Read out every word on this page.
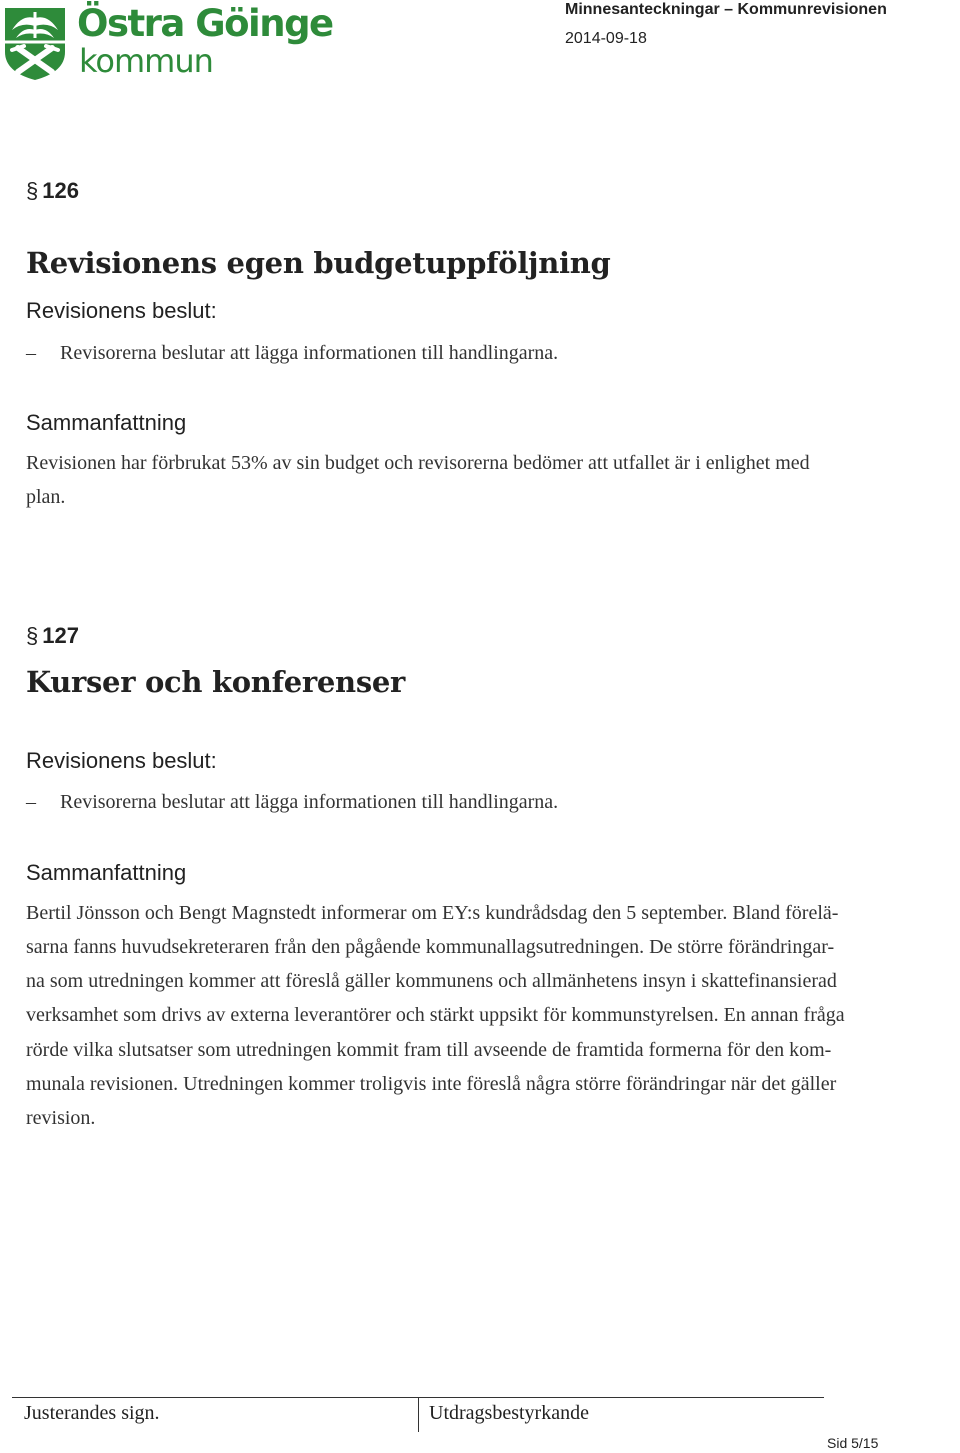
Östra Göinge
kommun
Minnesanteckningar – Kommunrevisionen
2014-09-18
§ 126
Revisionens egen budgetuppföljning
Revisionens beslut:
– Revisorerna beslutar att lägga informationen till handlingarna.
Sammanfattning
Revisionen har förbrukat 53% av sin budget och revisorerna bedömer att utfallet är i enlighet med
plan.
§ 127
Kurser och konferenser
Revisionens beslut:
– Revisorerna beslutar att lägga informationen till handlingarna.
Sammanfattning
Bertil Jönsson och Bengt Magnstedt informerar om EY:s kundrådsdag den 5 september. Bland förelä-
sarna fanns huvudsekreteraren från den pågående kommunallagsutredningen. De större förändringar-
na som utredningen kommer att föreslå gäller kommunens och allmänhetens insyn i skattefinansierad
verksamhet som drivs av externa leverantörer och stärkt uppsikt för kommunstyrelsen. En annan fråga
rörde vilka slutsatser som utredningen kommit fram till avseende de framtida formerna för den kom-
munala revisionen. Utredningen kommer troligvis inte föreslå några större förändringar när det gäller
revision.
Justerandes sign.	Utdragsbestyrkande
Sid 5/15
